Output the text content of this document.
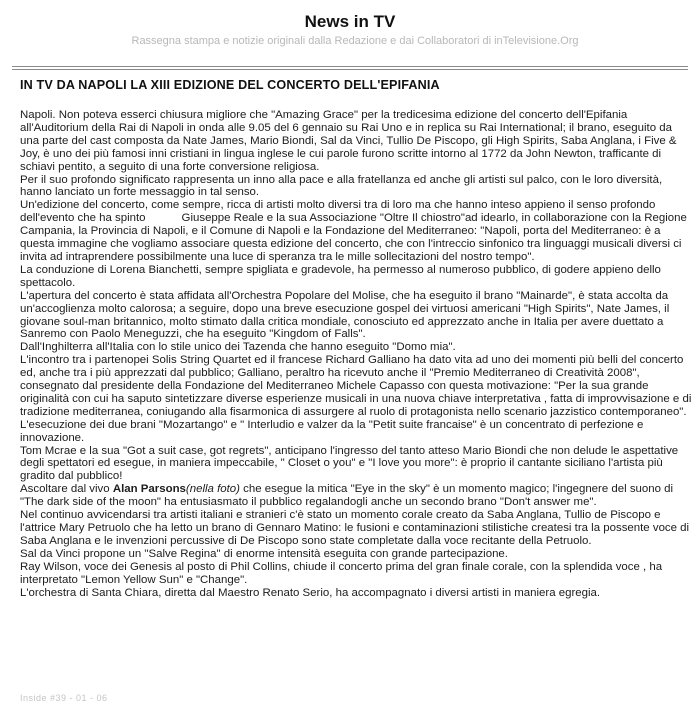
News in TV
Rassegna stampa e notizie originali dalla Redazione e dai Collaboratori di inTelevisione.Org
IN TV DA NAPOLI LA XIII EDIZIONE DEL CONCERTO DELL'EPIFANIA

Napoli. Non poteva esserci chiusura migliore che "Amazing Grace" per la tredicesima edizione del concerto dell'Epifania all'Auditorium della Rai di Napoli in onda alle 9.05 del 6 gennaio su Rai Uno e in replica su Rai International; il brano, eseguito da una parte del cast composta da Nate James, Mario Biondi, Sal da Vinci, Tullio De Piscopo, gli High Spirits, Saba Anglana, i Five & Joy, è uno dei più famosi inni cristiani in lingua inglese le cui parole furono scritte intorno al 1772 da John Newton, trafficante di schiavi pentito, a seguito di una forte conversione religiosa.

Per il suo profondo significato rappresenta un inno alla pace e alla fratellanza ed anche gli artisti sul palco, con le loro diversità, hanno lanciato un forte messaggio in tal senso.

Un'edizione del concerto, come sempre, ricca di artisti molto diversi tra di loro ma che hanno inteso appieno il senso profondo dell'evento che ha spinto	Giuseppe Reale e la sua Associazione "Oltre Il chiostro"ad idearlo, in collaborazione con la Regione Campania, la Provincia di Napoli, e il Comune di Napoli e la Fondazione del Mediterraneo: "Napoli, porta del Mediterraneo: è a questa immagine che vogliamo associare questa edizione del concerto, che con l'intreccio sinfonico tra linguaggi musicali diversi ci invita ad intraprendere possibilmente una luce di speranza tra le mille sollecitazioni del nostro tempo".

La conduzione di Lorena Bianchetti, sempre spigliata e gradevole, ha permesso al numeroso pubblico, di godere appieno dello spettacolo.

L'apertura del concerto è stata affidata all'Orchestra Popolare del Molise, che ha eseguito il brano "Mainarde", è stata accolta da un'accoglienza molto calorosa; a seguire, dopo una breve esecuzione gospel dei virtuosi americani "High Spirits", Nate James, il giovane soul-man britannico, molto stimato dalla critica mondiale, conosciuto ed apprezzato anche in Italia per avere duettato a Sanremo con Paolo Meneguzzi, che ha eseguito "Kingdom of Falls".

Dall'Inghilterra all'Italia con lo stile unico dei Tazenda che hanno eseguito "Domo mia".

L'incontro tra i partenopei Solis String Quartet ed il francese Richard Galliano ha dato vita ad uno dei momenti più belli del concerto ed, anche tra i più apprezzati dal pubblico; Galliano, peraltro ha ricevuto anche il "Premio Mediterraneo di Creatività 2008", consegnato dal presidente della Fondazione del Mediterraneo Michele Capasso con questa motivazione: "Per la sua grande originalità con cui ha saputo sintetizzare diverse esperienze musicali in una nuova chiave interpretativa , fatta di improvvisazione e di tradizione mediterranea, coniugando alla fisarmonica di assurgere al ruolo di protagonista nello scenario jazzistico contemporaneo".

L'esecuzione dei due brani "Mozartango" e " Interludio e valzer da la "Petit suite francaise" è un concentrato di perfezione e innovazione.

Tom Mcrae e la sua "Got a suit case, got regrets", anticipano l'ingresso del tanto atteso Mario Biondi che non delude le aspettative degli spettatori ed esegue, in maniera impeccabile, " Closet o you" e "I love you more": è proprio il cantante siciliano l'artista più gradito dal pubblico!

Ascoltare dal vivo Alan Parsons(nella foto) che esegue la mitica "Eye in the sky" è un momento magico; l'ingegnere del suono di "The dark side of the moon" ha entusiasmato il pubblico regalandogli anche un secondo brano "Don't answer me".

Nel continuo avvicendarsi tra artisti italiani e stranieri c'è stato un momento corale creato da Saba Anglana, Tullio de Piscopo e l'attrice Mary Petruolo che ha letto un brano di Gennaro Matino: le fusioni e contaminazioni stilistiche createsi tra la possente voce di Saba Anglana e le invenzioni percussive di De Piscopo sono state completate dalla voce recitante della Petruolo.

Sal da Vinci propone un "Salve Regina" di enorme intensità eseguita con grande partecipazione.

Ray Wilson, voce dei Genesis al posto di Phil Collins, chiude il concerto prima del gran finale corale, con la splendida voce , ha interpretato "Lemon Yellow Sun" e "Change".

L'orchestra di Santa Chiara, diretta dal Maestro Renato Serio, ha accompagnato i diversi artisti in maniera egregia.

Inside #39 - 01 - 06
